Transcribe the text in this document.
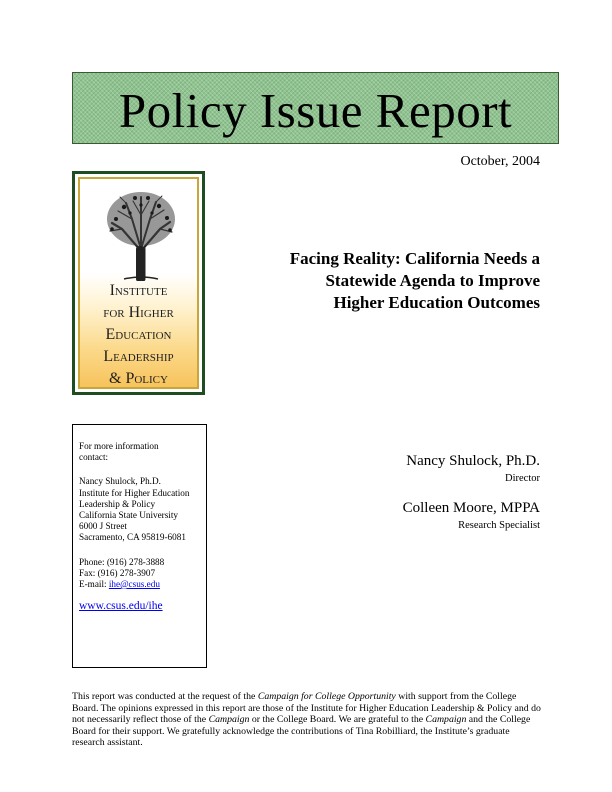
Policy Issue Report
October, 2004
Institute
for Higher
Education
Leadership
& Policy
Facing Reality: California Needs a
Statewide Agenda to Improve
Higher Education Outcomes
For more information
contact:
Nancy Shulock, Ph.D.
Institute for Higher Education
Leadership & Policy
California State University
6000 J Street
Sacramento, CA 95819-6081
Phone: (916) 278-3888
Fax: (916) 278-3907
E-mail: ihe@csus.edu
www.csus.edu/ihe
Nancy Shulock, Ph.D.
Director
Colleen Moore, MPPA
Research Specialist
This report was conducted at the request of the Campaign for College Opportunity with support from the College Board. The opinions expressed in this report are those of the Institute for Higher Education Leadership & Policy and do not necessarily reflect those of the Campaign or the College Board. We are grateful to the Campaign and the College Board for their support. We gratefully acknowledge the contributions of Tina Robilliard, the Institute’s graduate research assistant.
